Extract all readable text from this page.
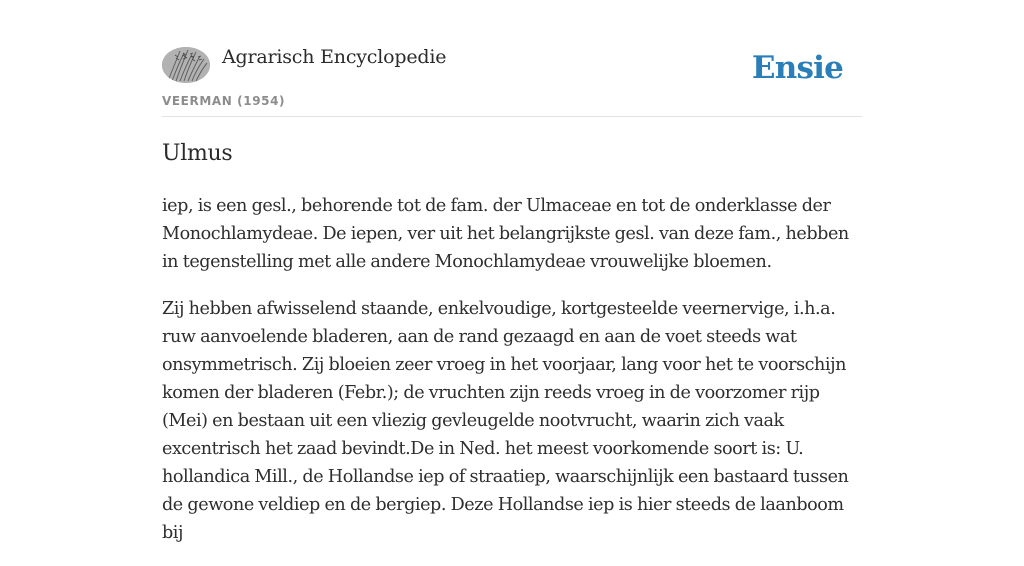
Agrarisch Encyclopedie
VEERMAN (1954)
Ensie
Ulmus

iep, is een gesl., behorende tot de fam. der Ulmaceae en tot de onderklasse der Monochlamydeae. De iepen, ver uit het belangrijkste gesl. van deze fam., hebben in tegenstelling met alle andere Monochlamydeae vrouwelijke bloemen.

Zij hebben afwisselend staande, enkelvoudige, kortgesteelde veernervige, i.h.a. ruw aanvoelende bladeren, aan de rand gezaagd en aan de voet steeds wat onsymmetrisch. Zij bloeien zeer vroeg in het voorjaar, lang voor het te voorschijn komen der bladeren (Febr.); de vruchten zijn reeds vroeg in de voorzomer rijp (Mei) en bestaan uit een vliezig gevleugelde nootvrucht, waarin zich vaak excentrisch het zaad bevindt.De in Ned. het meest voorkomende soort is: U. hollandica Mill., de Hollandse iep of straatiep, waarschijnlijk een bastaard tussen de gewone veldiep en de bergiep. Deze Hollandse iep is hier steeds de laanboom bij
